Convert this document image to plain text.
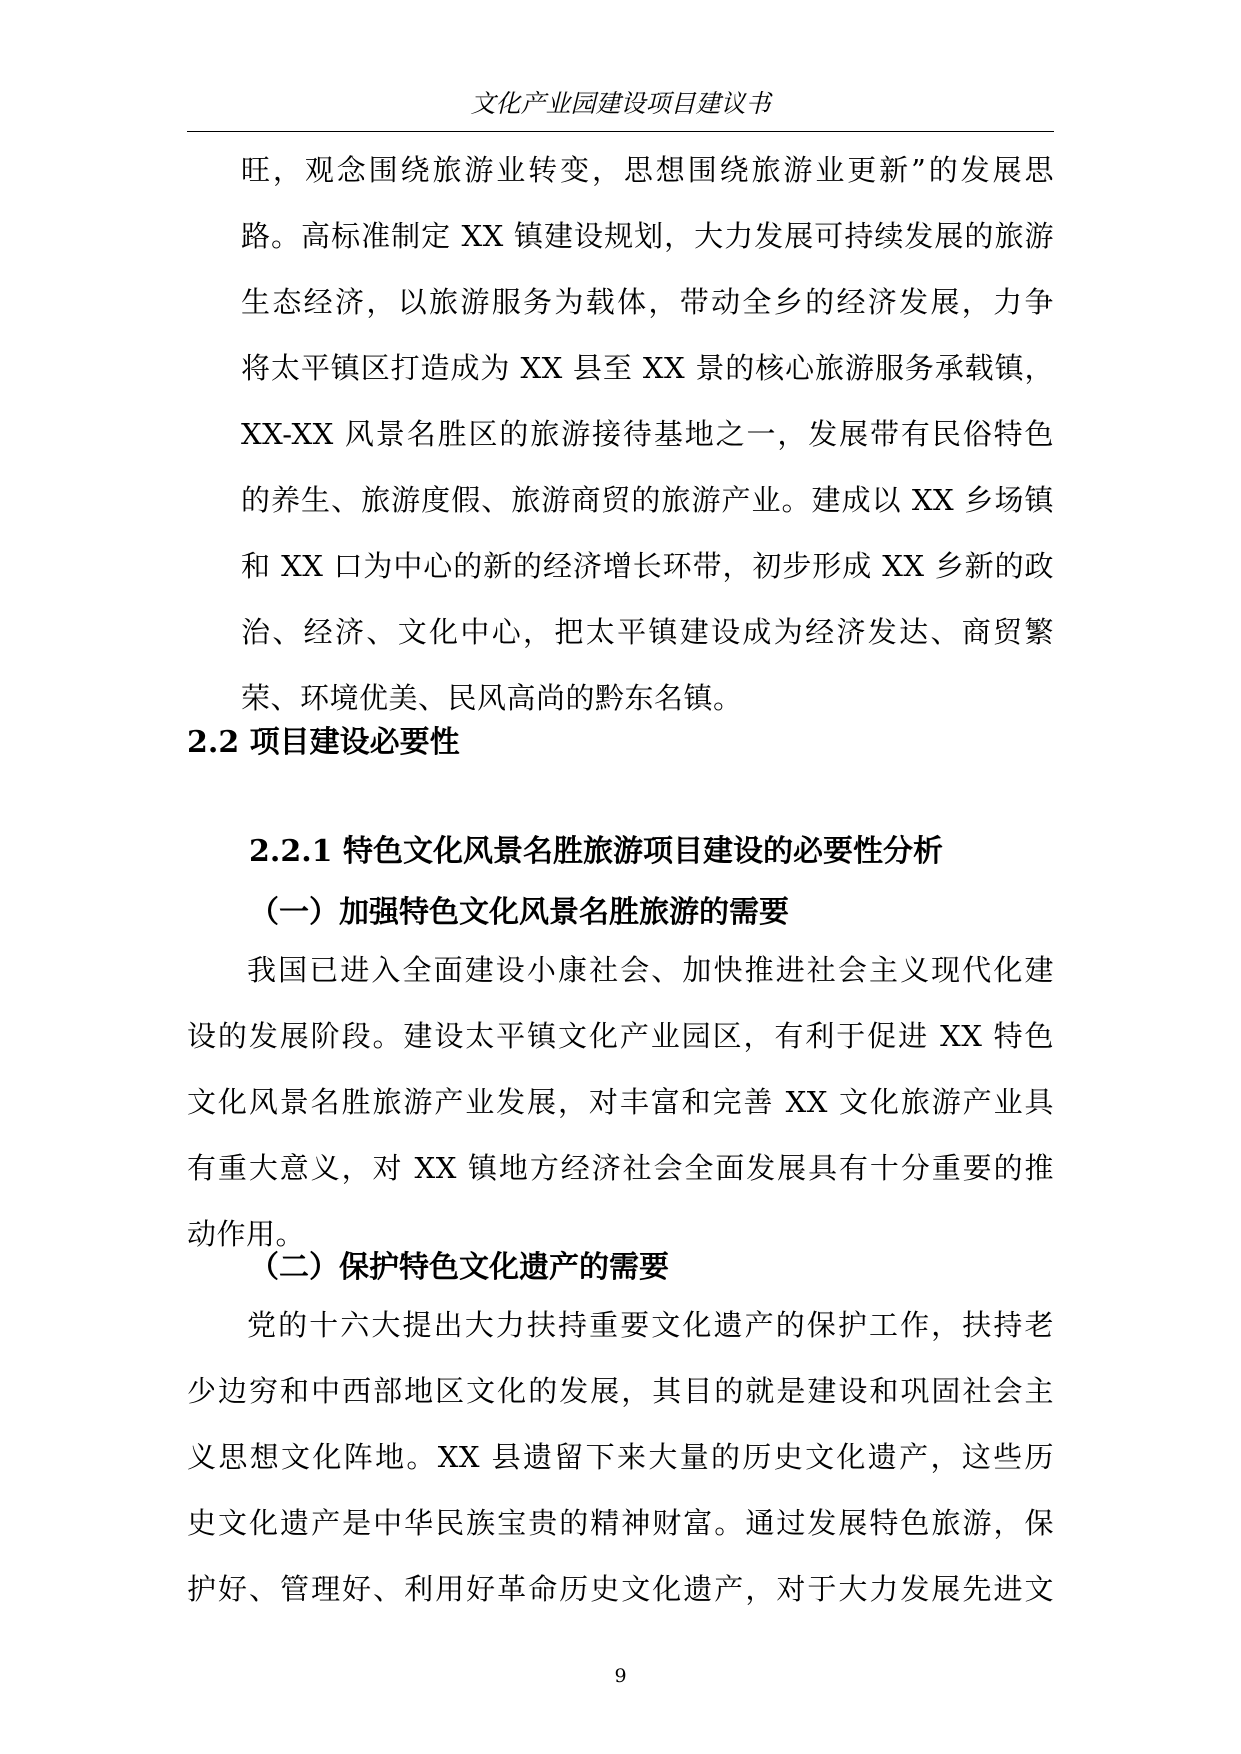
文化产业园建设项目建议书
旺，观念围绕旅游业转变，思想围绕旅游业更新”的发展思
路。高标准制定 XX 镇建设规划，大力发展可持续发展的旅游
生态经济，以旅游服务为载体，带动全乡的经济发展，力争
将太平镇区打造成为 XX 县至 XX 景的核心旅游服务承载镇，
XX-XX 风景名胜区的旅游接待基地之一，发展带有民俗特色
的养生、旅游度假、旅游商贸的旅游产业。建成以 XX 乡场镇
和 XX 口为中心的新的经济增长环带，初步形成 XX 乡新的政
治、经济、文化中心，把太平镇建设成为经济发达、商贸繁
荣、环境优美、民风高尚的黔东名镇。
2.2 项目建设必要性
2.2.1 特色文化风景名胜旅游项目建设的必要性分析
（一）加强特色文化风景名胜旅游的需要
我国已进入全面建设小康社会、加快推进社会主义现代化建
设的发展阶段。建设太平镇文化产业园区，有利于促进 XX 特色
文化风景名胜旅游产业发展，对丰富和完善 XX 文化旅游产业具
有重大意义，对 XX 镇地方经济社会全面发展具有十分重要的推
动作用。
（二）保护特色文化遗产的需要
党的十六大提出大力扶持重要文化遗产的保护工作，扶持老
少边穷和中西部地区文化的发展，其目的就是建设和巩固社会主
义思想文化阵地。XX 县遗留下来大量的历史文化遗产，这些历
史文化遗产是中华民族宝贵的精神财富。通过发展特色旅游，保
护好、管理好、利用好革命历史文化遗产，对于大力发展先进文
9
